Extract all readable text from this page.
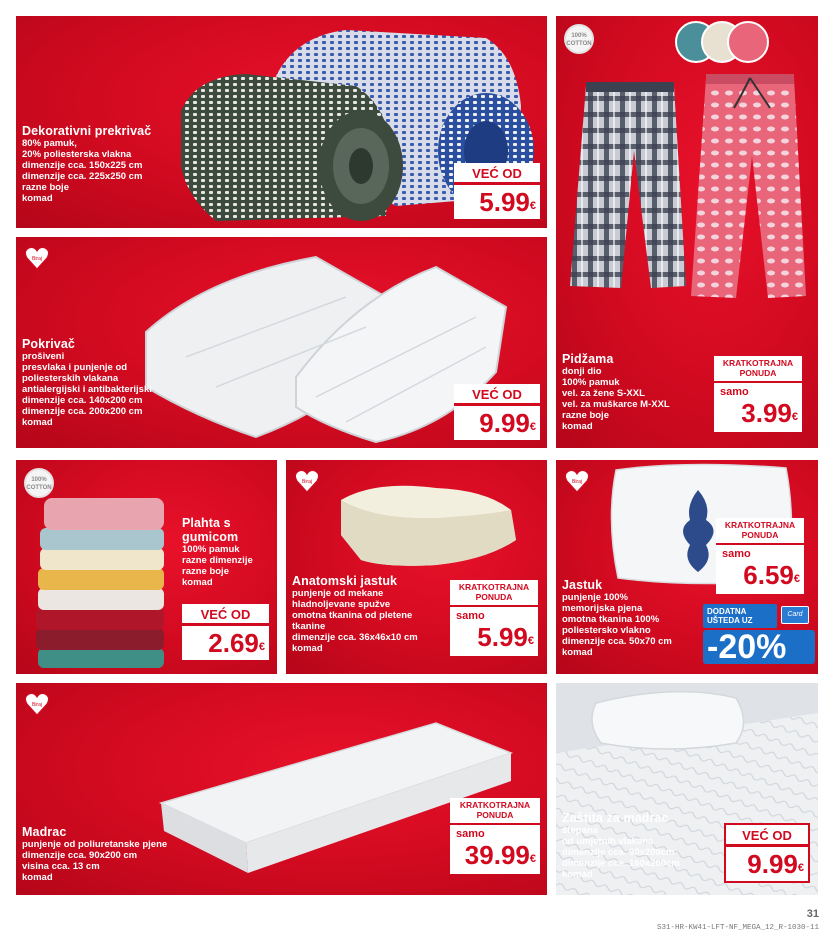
Dekorativni prekrivač
80% pamuk,
20% poliesterska vlakna
dimenzije cca. 150x225 cm
dimenzije cca. 225x250 cm
razne boje
komad
VEĆ OD
5.99€
100% COTTON
Pidžama
donji dio
100% pamuk
vel. za žene S-XXL
vel. za muškarce M-XXL
razne boje
komad
KRATKOTRAJNA PONUDA
samo
3.99€
Biraj
Pokrivač
prošiveni
presvlaka i punjenje od
poliesterskih vlakana
antialergijski i antibakterijski
dimenzije cca. 140x200 cm
dimenzije cca. 200x200 cm
komad
VEĆ OD
9.99€
100% COTTON
Plahta s gumicom
100% pamuk
razne dimenzije
razne boje
komad
VEĆ OD
2.69€
Biraj
Anatomski jastuk
punjenje od mekane
hladnoljevane spužve
omotna tkanina od pletene
tkanine
dimenzije cca. 36x46x10 cm
komad
KRATKOTRAJNA PONUDA
samo
5.99€
Biraj
Jastuk
punjenje 100%
memorijska pjena
omotna tkanina 100%
poliestersko vlakno
dimenzije cca. 50x70 cm
komad
KRATKOTRAJNA PONUDA
samo
6.59€
DODATNA UŠTEDA UZ
Card
-20%
Biraj
Madrac
punjenje od poliuretanske pjene
dimenzije cca. 90x200 cm
visina cca. 13 cm
komad
KRATKOTRAJNA PONUDA
samo
39.99€
Zaštita za madrac
štepana
od umjetnih vlakana
dimenzije cca. 90x200cm
dimenzije cca. 160x200cm
komad
VEĆ OD
9.99€
31
S31-HR-KW41-LFT-NF_MEGA_12_R-1030-11
